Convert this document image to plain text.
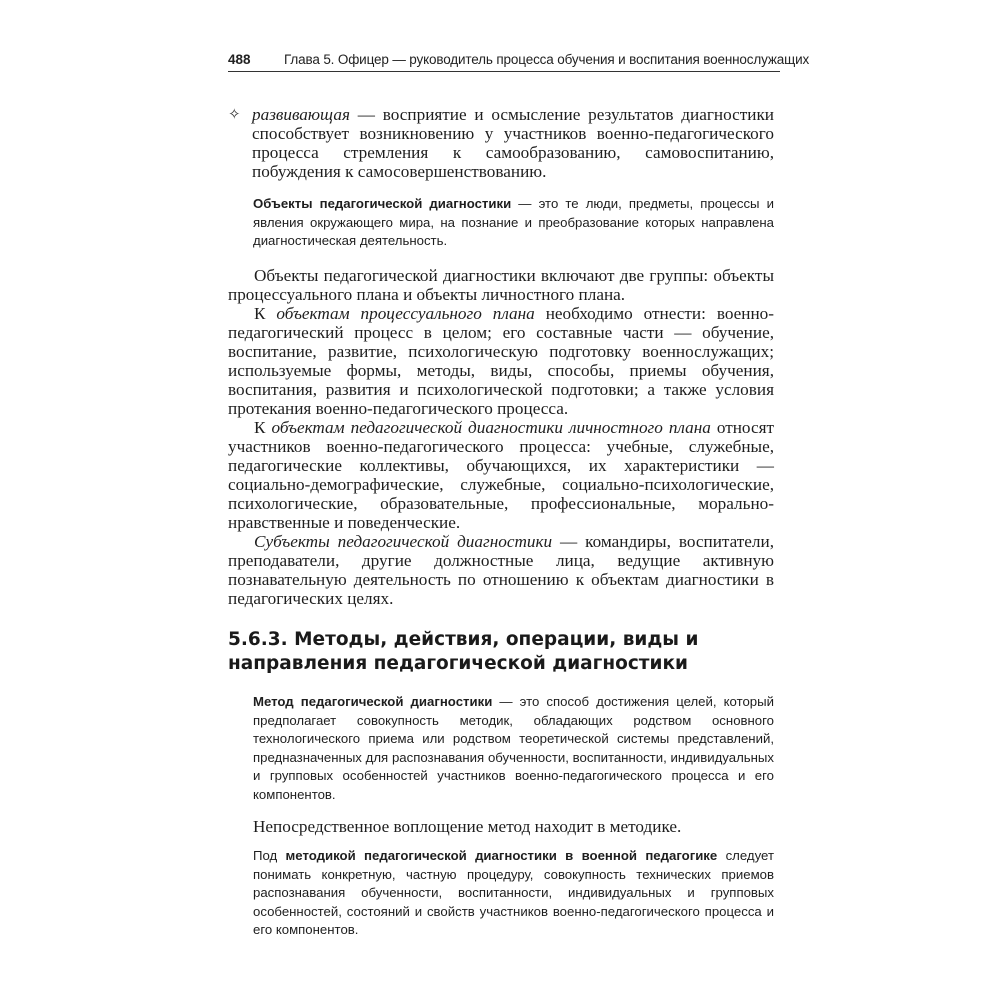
488 Глава 5. Офицер — руководитель процесса обучения и воспитания военнослужащих
✧ развивающая — восприятие и осмысление результатов диагностики способствует возникновению у участников военно-педагогического процесса стремления к самообразованию, самовоспитанию, побуждения к самосовершенствованию.
Объекты педагогической диагностики — это те люди, предметы, процессы и явления окружающего мира, на познание и преобразование которых направлена диагностическая деятельность.

Объекты педагогической диагностики включают две группы: объекты процессуального плана и объекты личностного плана.

К объектам процессуального плана необходимо отнести: военно-педагогический процесс в целом; его составные части — обучение, воспитание, развитие, психологическую подготовку военнослужащих; используемые формы, методы, виды, способы, приемы обучения, воспитания, развития и психологической подготовки; а также условия протекания военно-педагогического процесса.

К объектам педагогической диагностики личностного плана относят участников военно-педагогического процесса: учебные, служебные, педагогические коллективы, обучающихся, их характеристики — социально-демографические, служебные, социально-психологические, психологические, образовательные, профессиональные, морально-нравственные и поведенческие.

Субъекты педагогической диагностики — командиры, воспитатели, преподаватели, другие должностные лица, ведущие активную познавательную деятельность по отношению к объектам диагностики в педагогических целях.

5.6.3. Методы, действия, операции, виды и направления педагогической диагностики
Метод педагогической диагностики — это способ достижения целей, который предполагает совокупность методик, обладающих родством основного технологического приема или родством теоретической системы представлений, предназначенных для распознавания обученности, воспитанности, индивидуальных и групповых особенностей участников военно-педагогического процесса и его компонентов.
Непосредственное воплощение метод находит в методике.
Под методикой педагогической диагностики в военной педагогике следует понимать конкретную, частную процедуру, совокупность технических приемов распознавания обученности, воспитанности, индивидуальных и групповых особенностей, состояний и свойств участников военно-педагогического процесса и его компонентов.
